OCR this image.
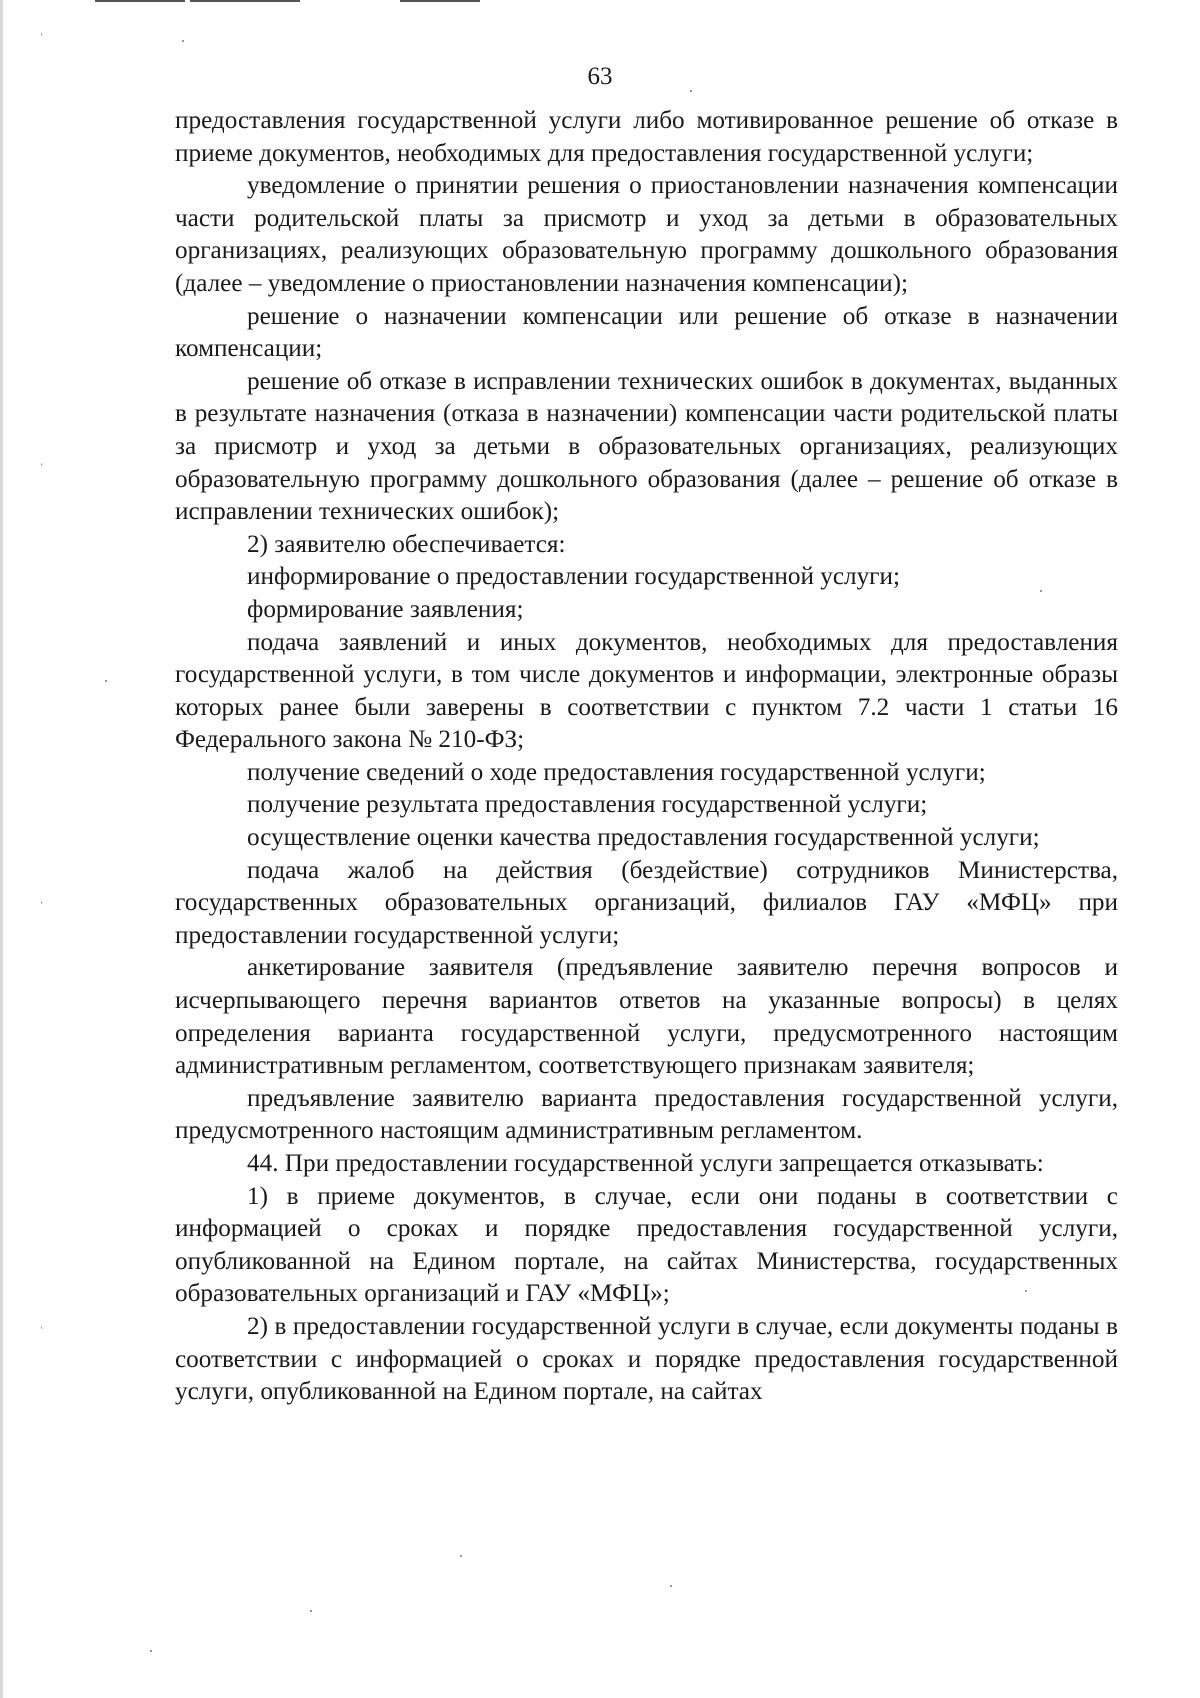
ͺ
ͺ
ͺ
ͺ
63

предоставления государственной услуги либо мотивированное решение об отказе в приеме документов, необходимых для предоставления государственной услуги;

уведомление о принятии решения о приостановлении назначения компенсации части родительской платы за присмотр и уход за детьми в образовательных организациях, реализующих образовательную программу дошкольного образования (далее – уведомление о приостановлении назначения компенсации);

решение о назначении компенсации или решение об отказе в назначении компенсации;

решение об отказе в исправлении технических ошибок в документах, выданных в результате назначения (отказа в назначении) компенсации части родительской платы за присмотр и уход за детьми в образовательных организациях, реализующих образовательную программу дошкольного образования (далее – решение об отказе в исправлении технических ошибок);

2) заявителю обеспечивается:

информирование о предоставлении государственной услуги;

формирование заявления;

подача заявлений и иных документов, необходимых для предоставления государственной услуги, в том числе документов и информации, электронные образы которых ранее были заверены в соответствии с пунктом 7.2 части 1 статьи 16 Федерального закона № 210-ФЗ;

получение сведений о ходе предоставления государственной услуги;

получение результата предоставления государственной услуги;

осуществление оценки качества предоставления государственной услуги;

подача жалоб на действия (бездействие) сотрудников Министерства, государственных образовательных организаций, филиалов ГАУ «МФЦ» при предоставлении государственной услуги;

анкетирование заявителя (предъявление заявителю перечня вопросов и исчерпывающего перечня вариантов ответов на указанные вопросы) в целях определения варианта государственной услуги, предусмотренного настоящим административным регламентом, соответствующего признакам заявителя;

предъявление заявителю варианта предоставления государственной услуги, предусмотренного настоящим административным регламентом.

44. При предоставлении государственной услуги запрещается отказывать:

1) в приеме документов, в случае, если они поданы в соответствии с информацией о сроках и порядке предоставления государственной услуги, опубликованной на Едином портале, на сайтах Министерства, государственных образовательных организаций и ГАУ «МФЦ»;

2) в предоставлении государственной услуги в случае, если документы поданы в соответствии с информацией о сроках и порядке предоставления государственной услуги, опубликованной на Едином портале, на сайтах
